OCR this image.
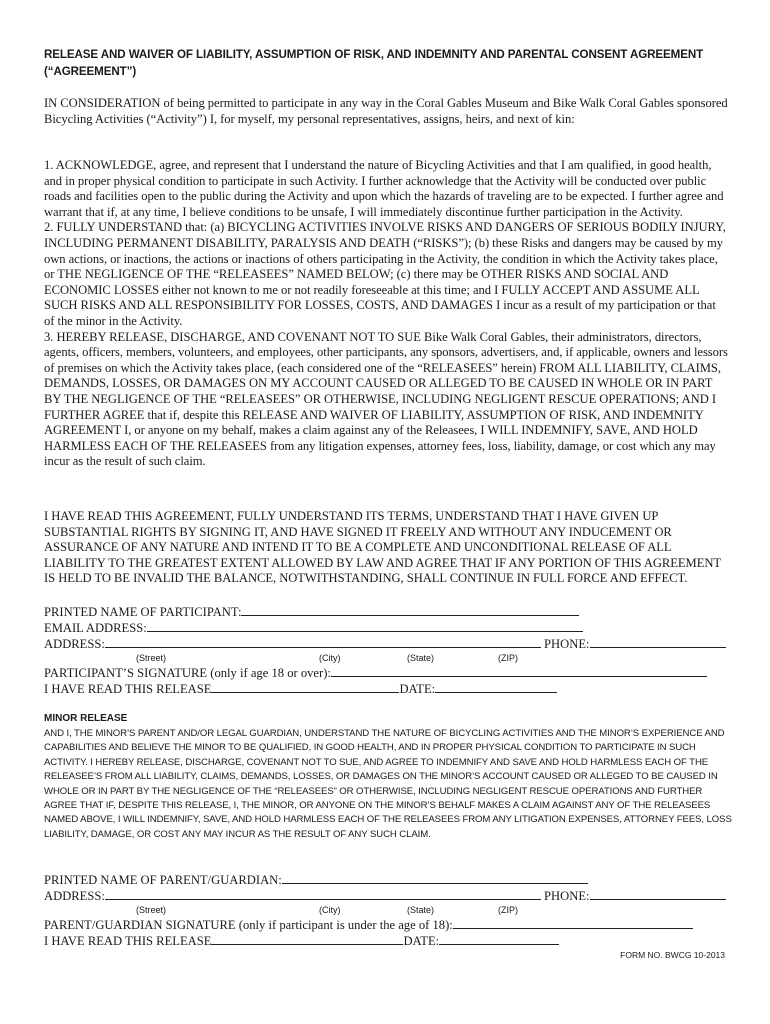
RELEASE AND WAIVER OF LIABILITY, ASSUMPTION OF RISK, AND INDEMNITY AND PARENTAL CONSENT AGREEMENT (“AGREEMENT”)

IN CONSIDERATION of being permitted to participate in any way in the Coral Gables Museum and Bike Walk Coral Gables sponsored Bicycling Activities (“Activity”) I, for myself, my personal representatives, assigns, heirs, and next of kin:

1. ACKNOWLEDGE, agree, and represent that I understand the nature of Bicycling Activities and that I am qualified, in good health, and in proper physical condition to participate in such Activity. I further acknowledge that the Activity will be conducted over public roads and facilities open to the public during the Activity and upon which the hazards of traveling are to be expected. I further agree and warrant that if, at any time, I believe conditions to be unsafe, I will immediately discontinue further participation in the Activity.

2. FULLY UNDERSTAND that: (a) BICYCLING ACTIVITIES INVOLVE RISKS AND DANGERS OF SERIOUS BODILY INJURY, INCLUDING PERMANENT DISABILITY, PARALYSIS AND DEATH (“RISKS”); (b) these Risks and dangers may be caused by my own actions, or inactions, the actions or inactions of others participating in the Activity, the condition in which the Activity takes place, or THE NEGLIGENCE OF THE “RELEASEES” NAMED BELOW; (c) there may be OTHER RISKS AND SOCIAL AND ECONOMIC LOSSES either not known to me or not readily foreseeable at this time; and I FULLY ACCEPT AND ASSUME ALL SUCH RISKS AND ALL RESPONSIBILITY FOR LOSSES, COSTS, AND DAMAGES I incur as a result of my participation or that of the minor in the Activity.

3. HEREBY RELEASE, DISCHARGE, AND COVENANT NOT TO SUE Bike Walk Coral Gables, their administrators, directors, agents, officers, members, volunteers, and employees, other participants, any sponsors, advertisers, and, if applicable, owners and lessors of premises on which the Activity takes place, (each considered one of the “RELEASEES” herein) FROM ALL LIABILITY, CLAIMS, DEMANDS, LOSSES, OR DAMAGES ON MY ACCOUNT CAUSED OR ALLEGED TO BE CAUSED IN WHOLE OR IN PART BY THE NEGLIGENCE OF THE “RELEASEES” OR OTHERWISE, INCLUDING NEGLIGENT RESCUE OPERATIONS; AND I FURTHER AGREE that if, despite this RELEASE AND WAIVER OF LIABILITY, ASSUMPTION OF RISK, AND INDEMNITY AGREEMENT I, or anyone on my behalf, makes a claim against any of the Releasees, I WILL INDEMNIFY, SAVE, AND HOLD HARMLESS EACH OF THE RELEASEES from any litigation expenses, attorney fees, loss, liability, damage, or cost which any may incur as the result of such claim.

I HAVE READ THIS AGREEMENT, FULLY UNDERSTAND ITS TERMS, UNDERSTAND THAT I HAVE GIVEN UP SUBSTANTIAL RIGHTS BY SIGNING IT, AND HAVE SIGNED IT FREELY AND WITHOUT ANY INDUCEMENT OR ASSURANCE OF ANY NATURE AND INTEND IT TO BE A COMPLETE AND UNCONDITIONAL RELEASE OF ALL LIABILITY TO THE GREATEST EXTENT ALLOWED BY LAW AND AGREE THAT IF ANY PORTION OF THIS AGREEMENT IS HELD TO BE INVALID THE BALANCE, NOTWITHSTANDING, SHALL CONTINUE IN FULL FORCE AND EFFECT.

PRINTED NAME OF PARTICIPANT:
EMAIL ADDRESS:
ADDRESS:	PHONE:
(Street)	(City)	(State)	(ZIP)
PARTICIPANT’S SIGNATURE (only if age 18 or over):
I HAVE READ THIS RELEASE	DATE:
MINOR RELEASE
AND I, THE MINOR’S PARENT AND/OR LEGAL GUARDIAN, UNDERSTAND THE NATURE OF BICYCLING ACTIVITIES AND THE MINOR’S EXPERIENCE AND CAPABILITIES AND BELIEVE THE MINOR TO BE QUALIFIED, IN GOOD HEALTH, AND IN PROPER PHYSICAL CONDITION TO PARTICIPATE IN SUCH ACTIVITY. I HEREBY RELEASE, DISCHARGE, COVENANT NOT TO SUE, AND AGREE TO INDEMNIFY AND SAVE AND HOLD HARMLESS EACH OF THE RELEASEE’S FROM ALL LIABILITY, CLAIMS, DEMANDS, LOSSES, OR DAMAGES ON THE MINOR’S ACCOUNT CAUSED OR ALLEGED TO BE CAUSED IN WHOLE OR IN PART BY THE NEGLIGENCE OF THE “RELEASEES” OR OTHERWISE, INCLUDING NEGLIGENT RESCUE OPERATIONS AND FURTHER AGREE THAT IF, DESPITE THIS RELEASE, I, THE MINOR, OR ANYONE ON THE MINOR’S BEHALF MAKES A CLAIM AGAINST ANY OF THE RELEASEES NAMED ABOVE, I WILL INDEMNIFY, SAVE, AND HOLD HARMLESS EACH OF THE RELEASEES FROM ANY LITIGATION EXPENSES, ATTORNEY FEES, LOSS LIABILITY, DAMAGE, OR COST ANY MAY INCUR AS THE RESULT OF ANY SUCH CLAIM.
PRINTED NAME OF PARENT/GUARDIAN:
ADDRESS:	PHONE:
(Street)	(City)	(State)	(ZIP)
PARENT/GUARDIAN SIGNATURE (only if participant is under the age of 18):
I HAVE READ THIS RELEASE	DATE:
FORM NO. BWCG 10-2013
